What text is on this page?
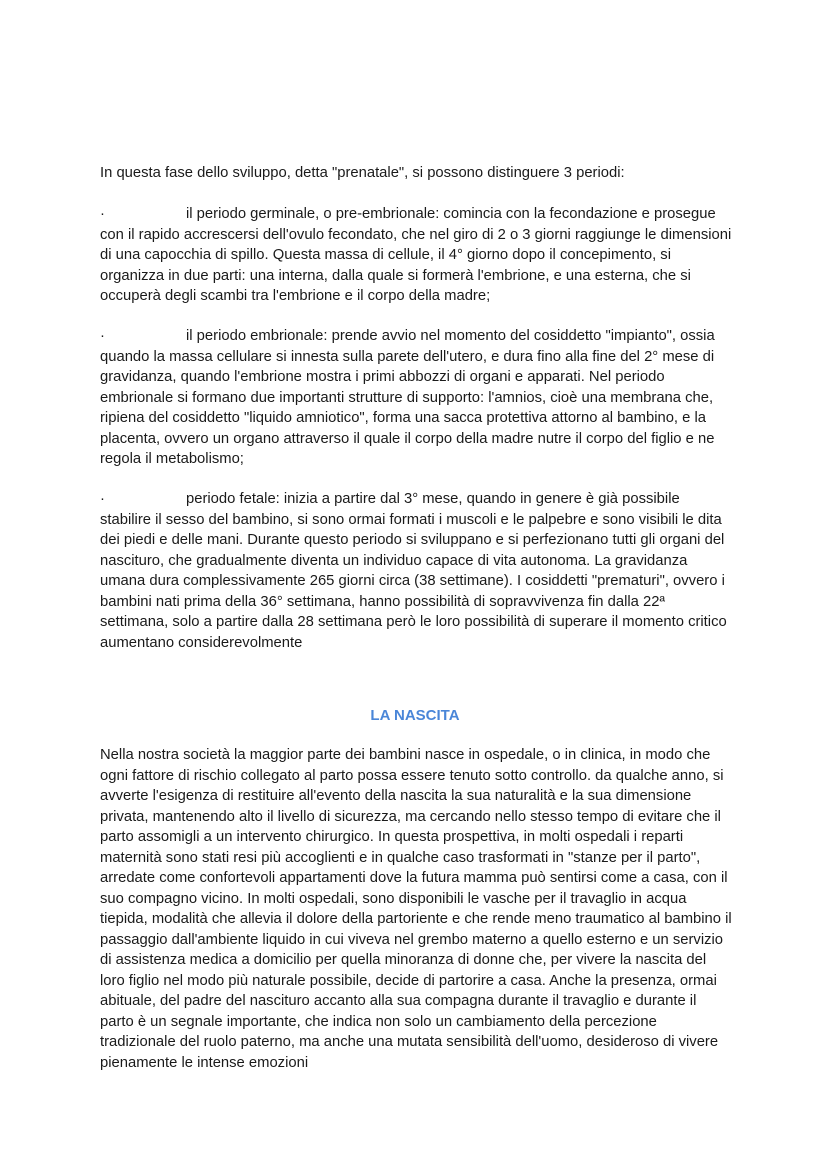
In questa fase dello sviluppo, detta "prenatale", si possono distinguere 3 periodi:

·	il periodo germinale, o pre-embrionale: comincia con la fecondazione e prosegue con il rapido accrescersi dell'ovulo fecondato, che nel giro di 2 o 3 giorni raggiunge le dimensioni di una capocchia di spillo. Questa massa di cellule, il 4° giorno dopo il concepimento, si organizza in due parti: una interna, dalla quale si formerà l'embrione, e una esterna, che si occuperà degli scambi tra l'embrione e il corpo della madre;

·	il periodo embrionale: prende avvio nel momento del cosiddetto "impianto", ossia quando la massa cellulare si innesta sulla parete dell'utero, e dura fino alla fine del 2° mese di gravidanza, quando l'embrione mostra i primi abbozzi di organi e apparati. Nel periodo embrionale si formano due importanti strutture di supporto: l'amnios, cioè una membrana che, ripiena del cosiddetto "liquido amniotico", forma una sacca protettiva attorno al bambino, e la placenta, ovvero un organo attraverso il quale il corpo della madre nutre il corpo del figlio e ne regola il metabolismo;

·	periodo fetale: inizia a partire dal 3° mese, quando in genere è già possibile stabilire il sesso del bambino, si sono ormai formati i muscoli e le palpebre e sono visibili le dita dei piedi e delle mani. Durante questo periodo si sviluppano e si perfezionano tutti gli organi del nascituro, che gradualmente diventa un individuo capace di vita autonoma. La gravidanza umana dura complessivamente 265 giorni circa (38 settimane). I cosiddetti "prematuri", ovvero i bambini nati prima della 36° settimana, hanno possibilità di sopravvivenza fin dalla 22ª settimana, solo a partire dalla 28 settimana però le loro possibilità di superare il momento critico aumentano considerevolmente

LA NASCITA

Nella nostra società la maggior parte dei bambini nasce in ospedale, o in clinica, in modo che ogni fattore di rischio collegato al parto possa essere tenuto sotto controllo. da qualche anno, si avverte l'esigenza di restituire all'evento della nascita la sua naturalità e la sua dimensione privata, mantenendo alto il livello di sicurezza, ma cercando nello stesso tempo di evitare che il parto assomigli a un intervento chirurgico. In questa prospettiva, in molti ospedali i reparti maternità sono stati resi più accoglienti e in qualche caso trasformati in "stanze per il parto", arredate come confortevoli appartamenti dove la futura mamma può sentirsi come a casa, con il suo compagno vicino. In molti ospedali, sono disponibili le vasche per il travaglio in acqua tiepida, modalità che allevia il dolore della partoriente e che rende meno traumatico al bambino il passaggio dall'ambiente liquido in cui viveva nel grembo materno a quello esterno e un servizio di assistenza medica a domicilio per quella minoranza di donne che, per vivere la nascita del loro figlio nel modo più naturale possibile, decide di partorire a casa. Anche la presenza, ormai abituale, del padre del nascituro accanto alla sua compagna durante il travaglio e durante il parto è un segnale importante, che indica non solo un cambiamento della percezione tradizionale del ruolo paterno, ma anche una mutata sensibilità dell'uomo, desideroso di vivere pienamente le intense emozioni
